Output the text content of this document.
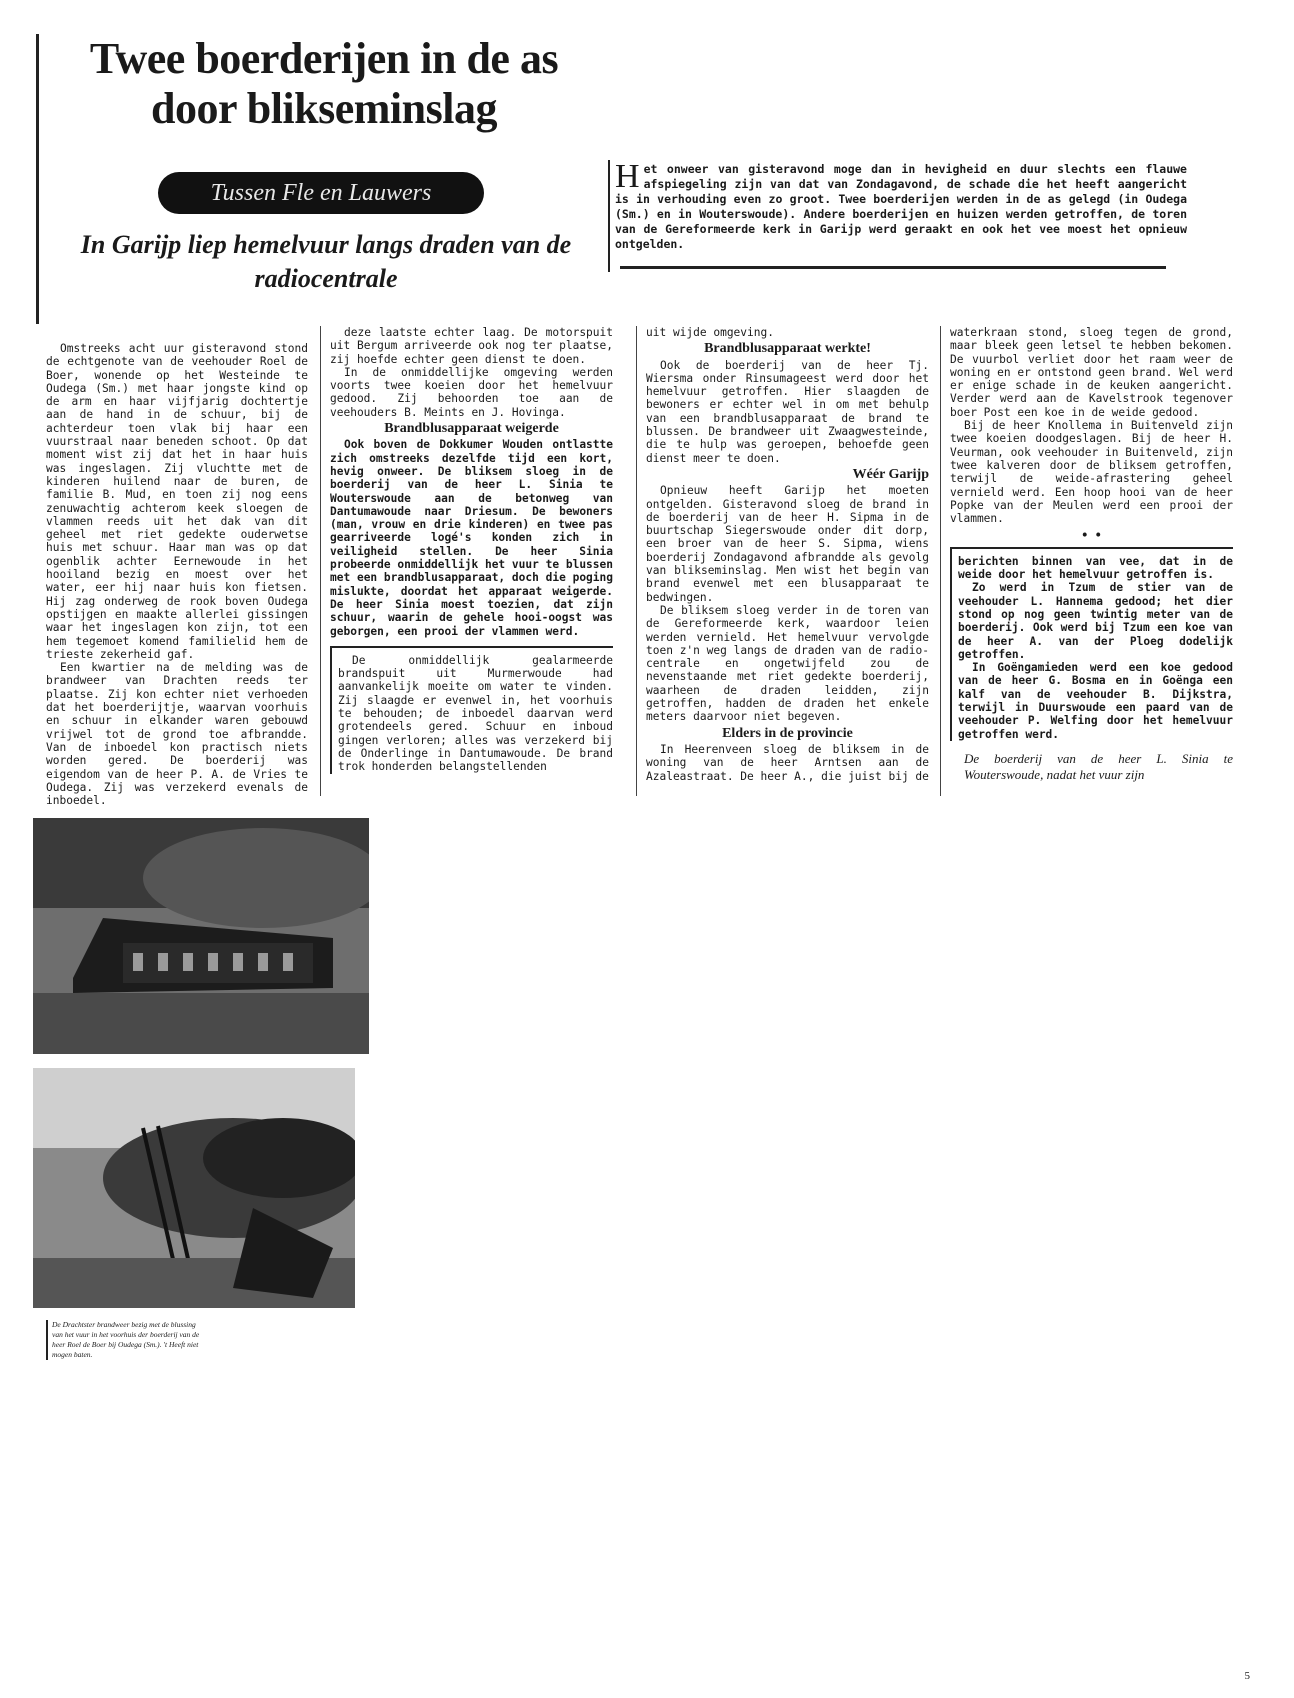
Twee boerderijen in de as door blikseminslag
Tussen Fle en Lauwers
In Garijp liep hemelvuur langs draden van de radiocentrale
Het onweer van gisteravond moge dan in hevigheid en duur slechts een flauwe afspiegeling zijn van dat van Zondagavond, de schade die het heeft aangericht is in verhouding even zo groot. Twee boerderijen werden in de as gelegd (in Oudega (Sm.) en in Wouterswoude). Andere boerderijen en huizen werden getroffen, de toren van de Gereformeerde kerk in Garijp werd geraakt en ook het vee moest het opnieuw ontgelden.

Omstreeks acht uur gisteravond stond de echtgenote van de veehouder Roel de Boer, wonende op het Westeinde te Oudega (Sm.) met haar jongste kind op de arm en haar vijfjarig dochtertje aan de hand in de schuur, bij de achterdeur toen vlak bij haar een vuurstraal naar beneden schoot. Op dat moment wist zij dat het in haar huis was ingeslagen. Zij vluchtte met de kinderen huilend naar de buren, de familie B. Mud, en toen zij nog eens zenuwachtig achterom keek sloegen de vlammen reeds uit het dak van dit geheel met riet gedekte ouderwetse huis met schuur. Haar man was op dat ogenblik achter Eernewoude in het hooiland bezig en moest over het water, eer hij naar huis kon fietsen. Hij zag onderweg de rook boven Oudega opstijgen en maakte allerlei gissingen waar het ingeslagen kon zijn, tot een hem tegemoet komend familielid hem de trieste zekerheid gaf.

Een kwartier na de melding was de brandweer van Drachten reeds ter plaatse. Zij kon echter niet verhoeden dat het boerderijtje, waarvan voorhuis en schuur in elkander waren gebouwd vrijwel tot de grond toe afbrandde. Van de inboedel kon practisch niets worden gered. De boerderij was eigendom van de heer P. A. de Vries te Oudega. Zij was verzekerd evenals de inboedel.

deze laatste echter laag. De motorspuit uit Bergum arriveerde ook nog ter plaatse, zij hoefde echter geen dienst te doen.

In de onmiddellijke omgeving werden voorts twee koeien door het hemelvuur gedood. Zij behoorden toe aan de veehouders B. Meints en J. Hovinga.

Brandblusapparaat weigerde

Ook boven de Dokkumer Wouden ontlastte zich omstreeks dezelfde tijd een kort, hevig onweer. De bliksem sloeg in de boerderij van de heer L. Sinia te Wouterswoude aan de betonweg van Dantumawoude naar Driesum. De bewoners (man, vrouw en drie kinderen) en twee pas gearriveerde logé's konden zich in veiligheid stellen. De heer Sinia probeerde onmiddellijk het vuur te blussen met een brandblusapparaat, doch die poging mislukte, doordat het apparaat weigerde. De heer Sinia moest toezien, dat zijn schuur, waarin de gehele hooi-oogst was geborgen, een prooi der vlammen werd.

De onmiddellijk gealarmeerde brandspuit uit Murmerwoude had aanvankelijk moeite om water te vinden. Zij slaagde er evenwel in, het voorhuis te behouden; de inboedel daarvan werd grotendeels gered. Schuur en inboud gingen verloren; alles was verzekerd bij de Onderlinge in Dantumawoude. De brand trok honderden belangstellenden

uit wijde omgeving.

Brandblusapparaat werkte!

Ook de boerderij van de heer Tj. Wiersma onder Rinsumageest werd door het hemelvuur getroffen. Hier slaagden de bewoners er echter wel in om met behulp van een brandblusapparaat de brand te blussen. De brandweer uit Zwaagwesteinde, die te hulp was geroepen, behoefde geen dienst meer te doen.

Wéér Garijp

Opnieuw heeft Garijp het moeten ontgelden. Gisteravond sloeg de brand in de boerderij van de heer H. Sipma in de buurtschap Siegerswoude onder dit dorp, een broer van de heer S. Sipma, wiens boerderij Zondagavond afbrandde als gevolg van blikseminslag. Men wist het begin van brand evenwel met een blusapparaat te bedwingen.

De bliksem sloeg verder in de toren van de Gereformeerde kerk, waardoor leien werden vernield. Het hemelvuur vervolgde toen z'n weg langs de draden van de radio-centrale en ongetwijfeld zou de nevenstaande met riet gedekte boerderij, waarheen de draden leidden, zijn getroffen, hadden de draden het enkele meters daarvoor niet begeven.

Elders in de provincie

In Heerenveen sloeg de bliksem in de woning van de heer Arntsen aan de Azaleastraat. De heer A., die juist bij de

waterkraan stond, sloeg tegen de grond, maar bleek geen letsel te hebben bekomen. De vuurbol verliet door het raam weer de woning en er ontstond geen brand. Wel werd er enige schade in de keuken aangericht. Verder werd aan de Kavelstrook tegenover boer Post een koe in de weide gedood.

Bij de heer Knollema in Buitenveld zijn twee koeien doodgeslagen. Bij de heer H. Veurman, ook veehouder in Buitenveld, zijn twee kalveren door de bliksem getroffen, terwijl de weide-afrastering geheel vernield werd. Een hoop hooi van de heer Popke van der Meulen werd een prooi der vlammen.

• •

berichten binnen van vee, dat in de weide door het hemelvuur getroffen is.

Zo werd in Tzum de stier van de veehouder L. Hannema gedood; het dier stond op nog geen twintig meter van de boerderij. Ook werd bij Tzum een koe van de heer A. van der Ploeg dodelijk getroffen.

In Goëngamieden werd een koe gedood van de heer G. Bosma en in Goënga een kalf van de veehouder B. Dijkstra, terwijl in Duurswoude een paard van de veehouder P. Welfing door het hemelvuur getroffen werd.

De boerderij van de heer L. Sinia te Wouterswoude, nadat het vuur zijn
De Drachtster brandweer bezig met de blussing van het vuur in het voorhuis der boerderij van de heer Roel de Boer bij Oudega (Sm.). 't Heeft niet mogen baten.
5
